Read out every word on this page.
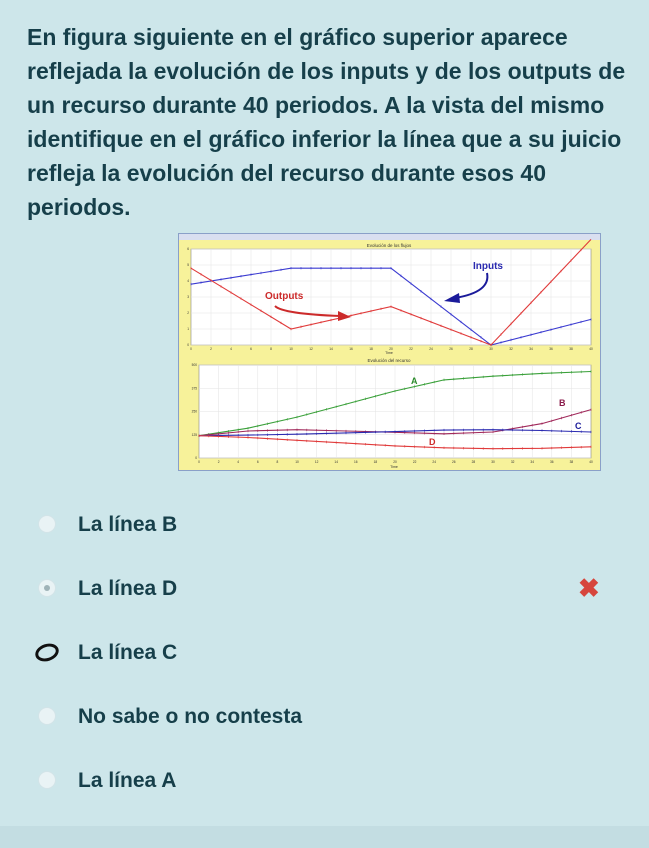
En figura siguiente en el gráfico superior aparece reflejada la evolución de los inputs y de los outputs de un recurso durante 40 periodos. A la vista del mismo identifique en el gráfico inferior la línea que a su juicio refleja la evolución del recurso durante esos 40 periodos.

Evolución de los flujos
6
5
4
3
2
1
0
0	2	4	6	8	10	12	14	16	18	20	22	24	26	28	30	32	34	36	38	40
Time
Inputs
Outputs
Evolución del recurso
500
375
250
125
0
0	2	4	6	8	10	12	14	16	18	20	22	24	26	28	30	32	34	36	38	40
Time
A
B
C
D
La línea B
La línea D	✖
La línea C
No sabe o no contesta
La línea A
